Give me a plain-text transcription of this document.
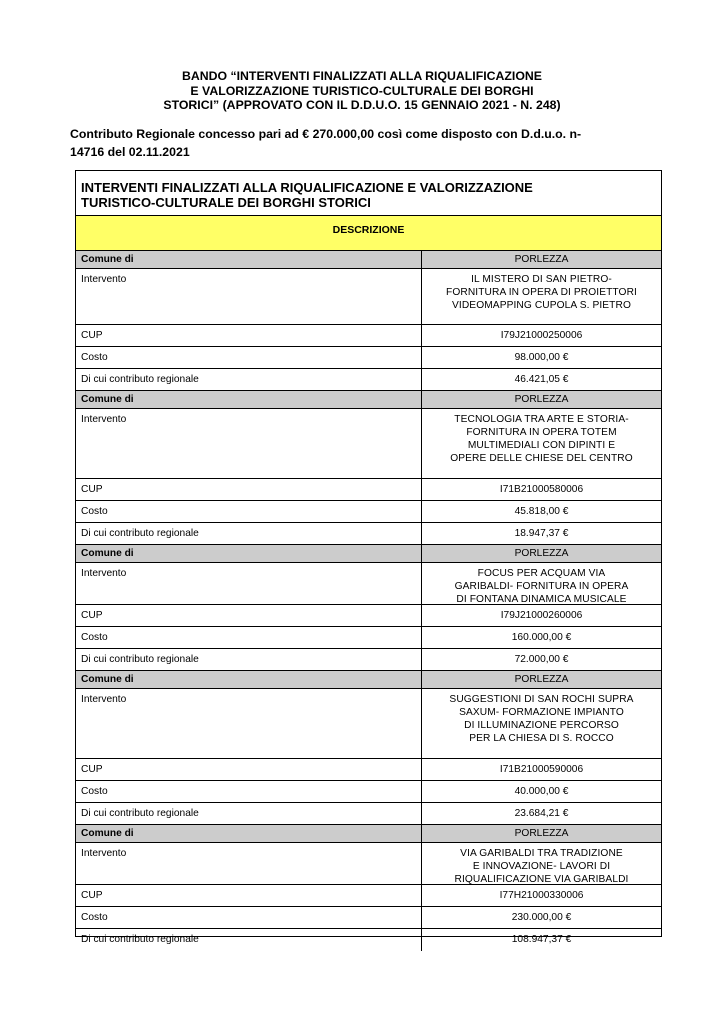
BANDO “INTERVENTI FINALIZZATI ALLA RIQUALIFICAZIONE
E VALORIZZAZIONE TURISTICO-CULTURALE DEI BORGHI
STORICI” (APPROVATO CON IL D.D.U.O. 15 GENNAIO 2021 - N. 248)
Contributo Regionale concesso pari ad € 270.000,00 così come disposto con D.d.u.o. n-
14716 del 02.11.2021
INTERVENTI FINALIZZATI ALLA RIQUALIFICAZIONE E VALORIZZAZIONE
TURISTICO-CULTURALE DEI BORGHI STORICI
DESCRIZIONE
Comune di	PORLEZZA
Intervento	IL MISTERO DI SAN PIETRO-
FORNITURA IN OPERA DI PROIETTORI
VIDEOMAPPING CUPOLA S. PIETRO
CUP	I79J21000250006
Costo	98.000,00 €
Di cui contributo regionale	46.421,05 €
Comune di	PORLEZZA
Intervento	TECNOLOGIA TRA ARTE E STORIA-
FORNITURA IN OPERA TOTEM
MULTIMEDIALI CON DIPINTI E
OPERE DELLE CHIESE DEL CENTRO
CUP	I71B21000580006
Costo	45.818,00 €
Di cui contributo regionale	18.947,37 €
Comune di	PORLEZZA
Intervento	FOCUS PER ACQUAM VIA
GARIBALDI- FORNITURA IN OPERA
DI FONTANA DINAMICA MUSICALE
CUP	I79J21000260006
Costo	160.000,00 €
Di cui contributo regionale	72.000,00 €
Comune di	PORLEZZA
Intervento	SUGGESTIONI DI SAN ROCHI SUPRA
SAXUM- FORMAZIONE IMPIANTO
DI ILLUMINAZIONE PERCORSO
PER LA CHIESA DI S. ROCCO
CUP	I71B21000590006
Costo	40.000,00 €
Di cui contributo regionale	23.684,21 €
Comune di	PORLEZZA
Intervento	VIA GARIBALDI TRA TRADIZIONE
E INNOVAZIONE- LAVORI DI
RIQUALIFICAZIONE VIA GARIBALDI
CUP	I77H21000330006
Costo	230.000,00 €
Di cui contributo regionale	108.947,37 €
